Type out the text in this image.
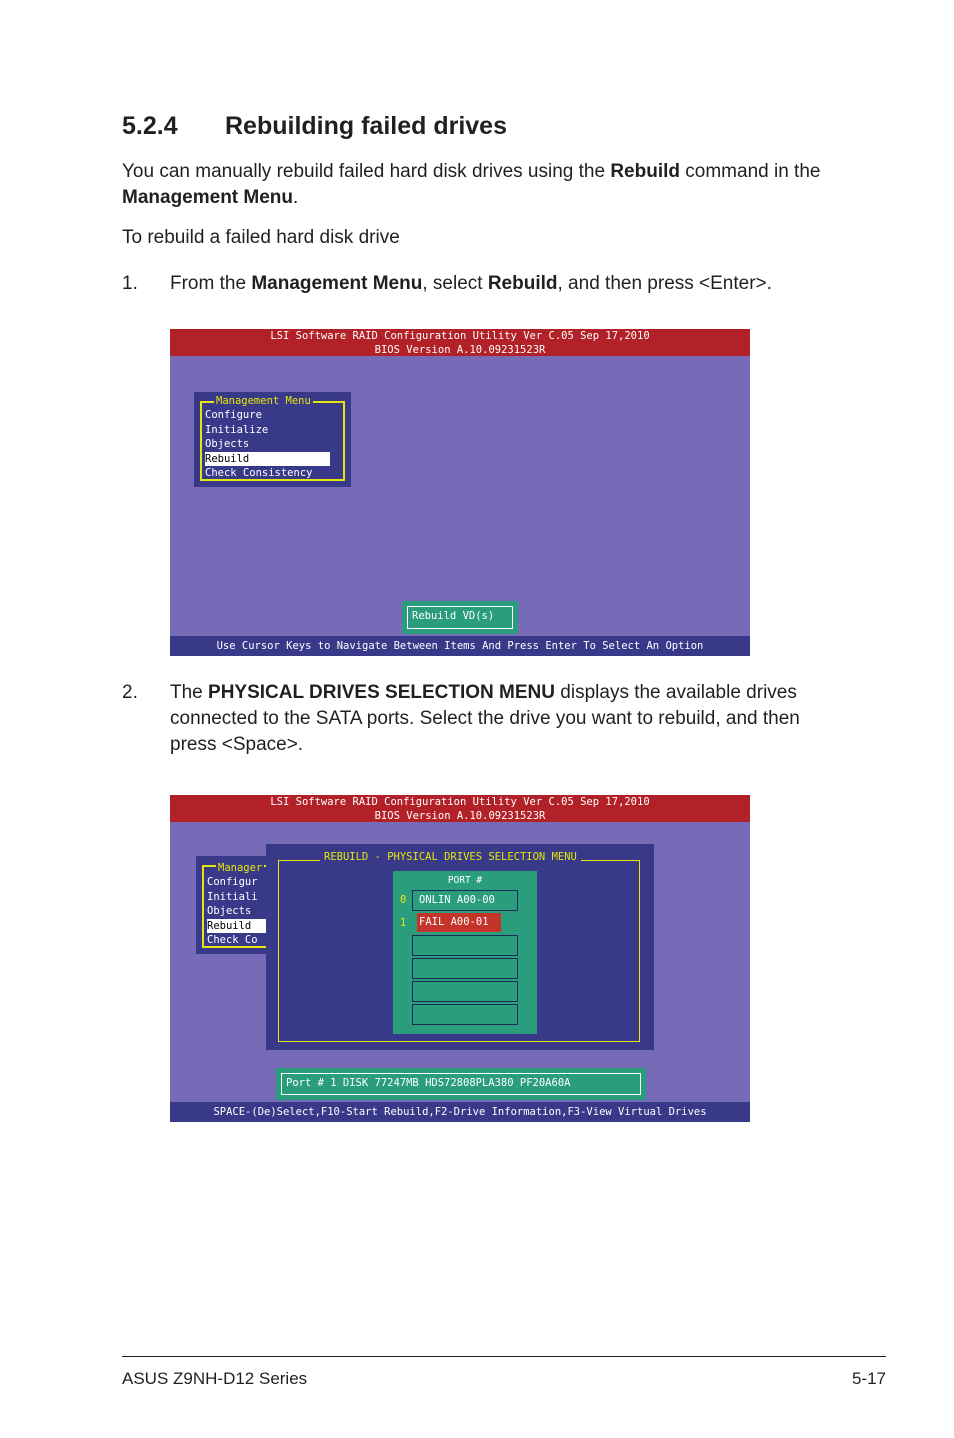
5.2.4 Rebuilding failed drives

You can manually rebuild failed hard disk drives using the Rebuild command in the
Management Menu.

To rebuild a failed hard disk drive

1. From the Management Menu, select Rebuild, and then press <Enter>.
LSI Software RAID Configuration Utility Ver C.05 Sep 17,2010
BIOS Version A.10.09231523R
Management Menu
Configure
Initialize
Objects
Rebuild
Check Consistency
Rebuild VD(s)
Use Cursor Keys to Navigate Between Items And Press Enter To Select An Option
2. The PHYSICAL DRIVES SELECTION MENU displays the available drives
connected to the SATA ports. Select the drive you want to rebuild, and then
press <Space>.
LSI Software RAID Configuration Utility Ver C.05 Sep 17,2010
BIOS Version A.10.09231523R
Manager
Configur
Initiali
Objects
Rebuild
Check Co
REBUILD - PHYSICAL DRIVES SELECTION MENU
PORT #
ONLIN A00-00
FAIL A00-01
0
1
Port # 1 DISK 77247MB HDS72808PLA380 PF20A60A
SPACE-(De)Select,F10-Start Rebuild,F2-Drive Information,F3-View Virtual Drives
ASUS Z9NH-D12 Series	5-17
